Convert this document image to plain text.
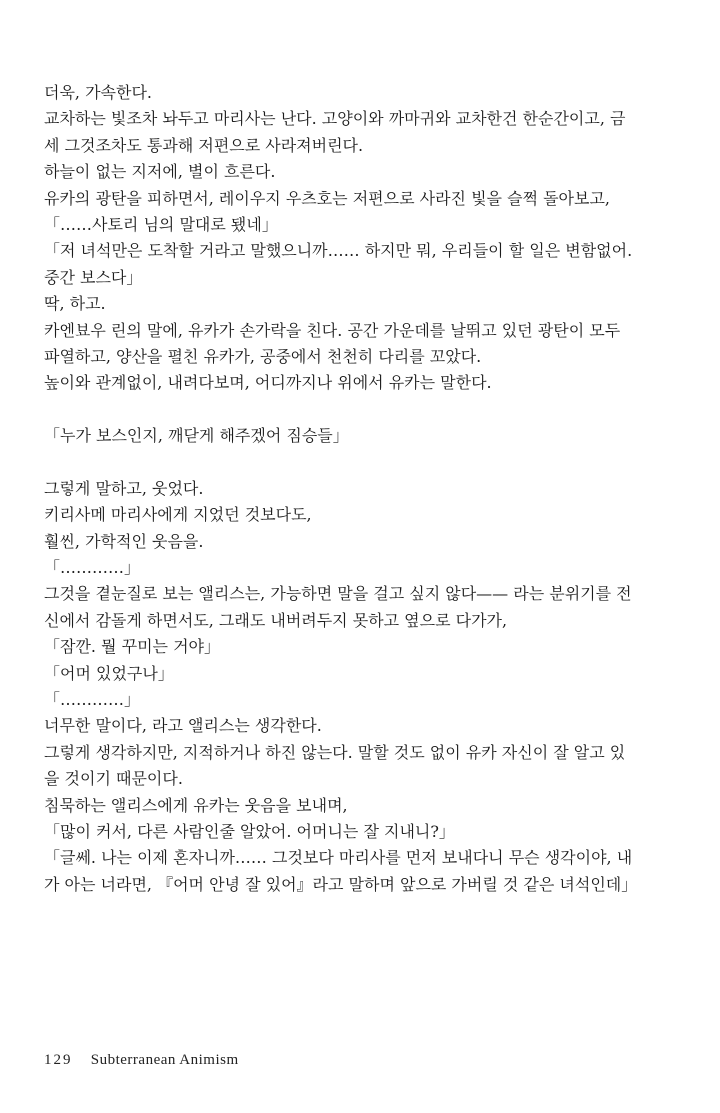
더욱, 가속한다.
교차하는 빛조차 놔두고 마리사는 난다. 고양이와 까마귀와 교차한건 한순간이고, 금
세 그것조차도 통과해 저편으로 사라져버린다.
하늘이 없는 지저에, 별이 흐른다.
유카의 광탄을 피하면서, 레이우지 우츠호는 저편으로 사라진 빛을 슬쩍 돌아보고,
「……사토리 님의 말대로 됐네」
「저 녀석만은 도착할 거라고 말했으니까…… 하지만 뭐, 우리들이 할 일은 변함없어.
중간 보스다」
딱, 하고.
카엔뵤우 린의 말에, 유카가 손가락을 친다. 공간 가운데를 날뛰고 있던 광탄이 모두
파열하고, 양산을 펼친 유카가, 공중에서 천천히 다리를 꼬았다.
높이와 관계없이, 내려다보며, 어디까지나 위에서 유카는 말한다.

「누가 보스인지, 깨닫게 해주겠어 짐승들」

그렇게 말하고, 웃었다.
키리사메 마리사에게 지었던 것보다도,
훨씬, 가학적인 웃음을.
「…………」
그것을 곁눈질로 보는 앨리스는, 가능하면 말을 걸고 싶지 않다—— 라는 분위기를 전
신에서 감돌게 하면서도, 그래도 내버려두지 못하고 옆으로 다가가,
「잠깐. 뭘 꾸미는 거야」
「어머 있었구나」
「…………」
너무한 말이다, 라고 앨리스는 생각한다.
그렇게 생각하지만, 지적하거나 하진 않는다. 말할 것도 없이 유카 자신이 잘 알고 있
을 것이기 때문이다.
침묵하는 앨리스에게 유카는 웃음을 보내며,
「많이 커서, 다른 사람인줄 알았어. 어머니는 잘 지내니?」
「글쎄. 나는 이제 혼자니까…… 그것보다 마리사를 먼저 보내다니 무슨 생각이야, 내
가 아는 너라면, 『어머 안녕 잘 있어』라고 말하며 앞으로 가버릴 것 같은 녀석인데」
129 Subterranean Animism
